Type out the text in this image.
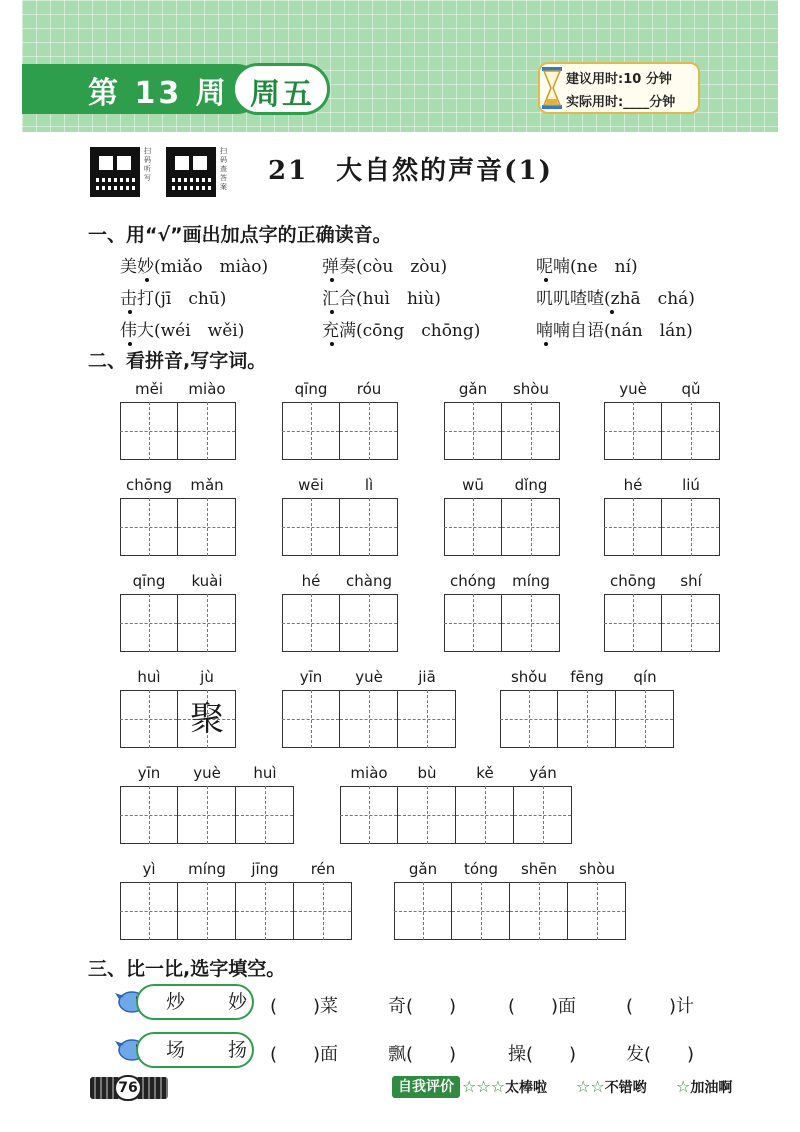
第 13 周 周五	建议用时:10 分钟
实际用时:____分钟
扫码听写
扫码查答案
21　大自然的声音(1)
一、用“√”画出加点字的正确读音。
美妙(miǎo　miào)	弹奏(còu　zòu)	呢喃(ne　ní)
击打(jī　chū)	汇合(huì　hiù)	叽叽喳喳(zhā　chá)
伟大(wéi　wěi)	充满(cōng　chōng)	喃喃自语(nán　lán)
二、看拼音,写字词。
měi	miào	qīng	róu	gǎn	shòu	yuè	qǔ
chōng	mǎn	wēi	lì	wū	dǐng	hé	liú
qīng	kuài	hé	chàng	chóng	míng	chōng	shí
huì	jù
聚
yīn	yuè	jiā	shǒu	fēng	qín
yīn	yuè	huì	miào	bù	kě	yán
yì	míng	jīng	rén	gǎn	tóng	shēn	shòu
三、比一比,选字填空。
炒　妙 (　　)菜	奇(　　)	(　　)面	(　　)计
场　扬 (　　)面	飘(　　)	操(　　)	发(　　)
76	自我评价 ☆☆☆太棒啦 ☆☆不错哟 ☆加油啊
